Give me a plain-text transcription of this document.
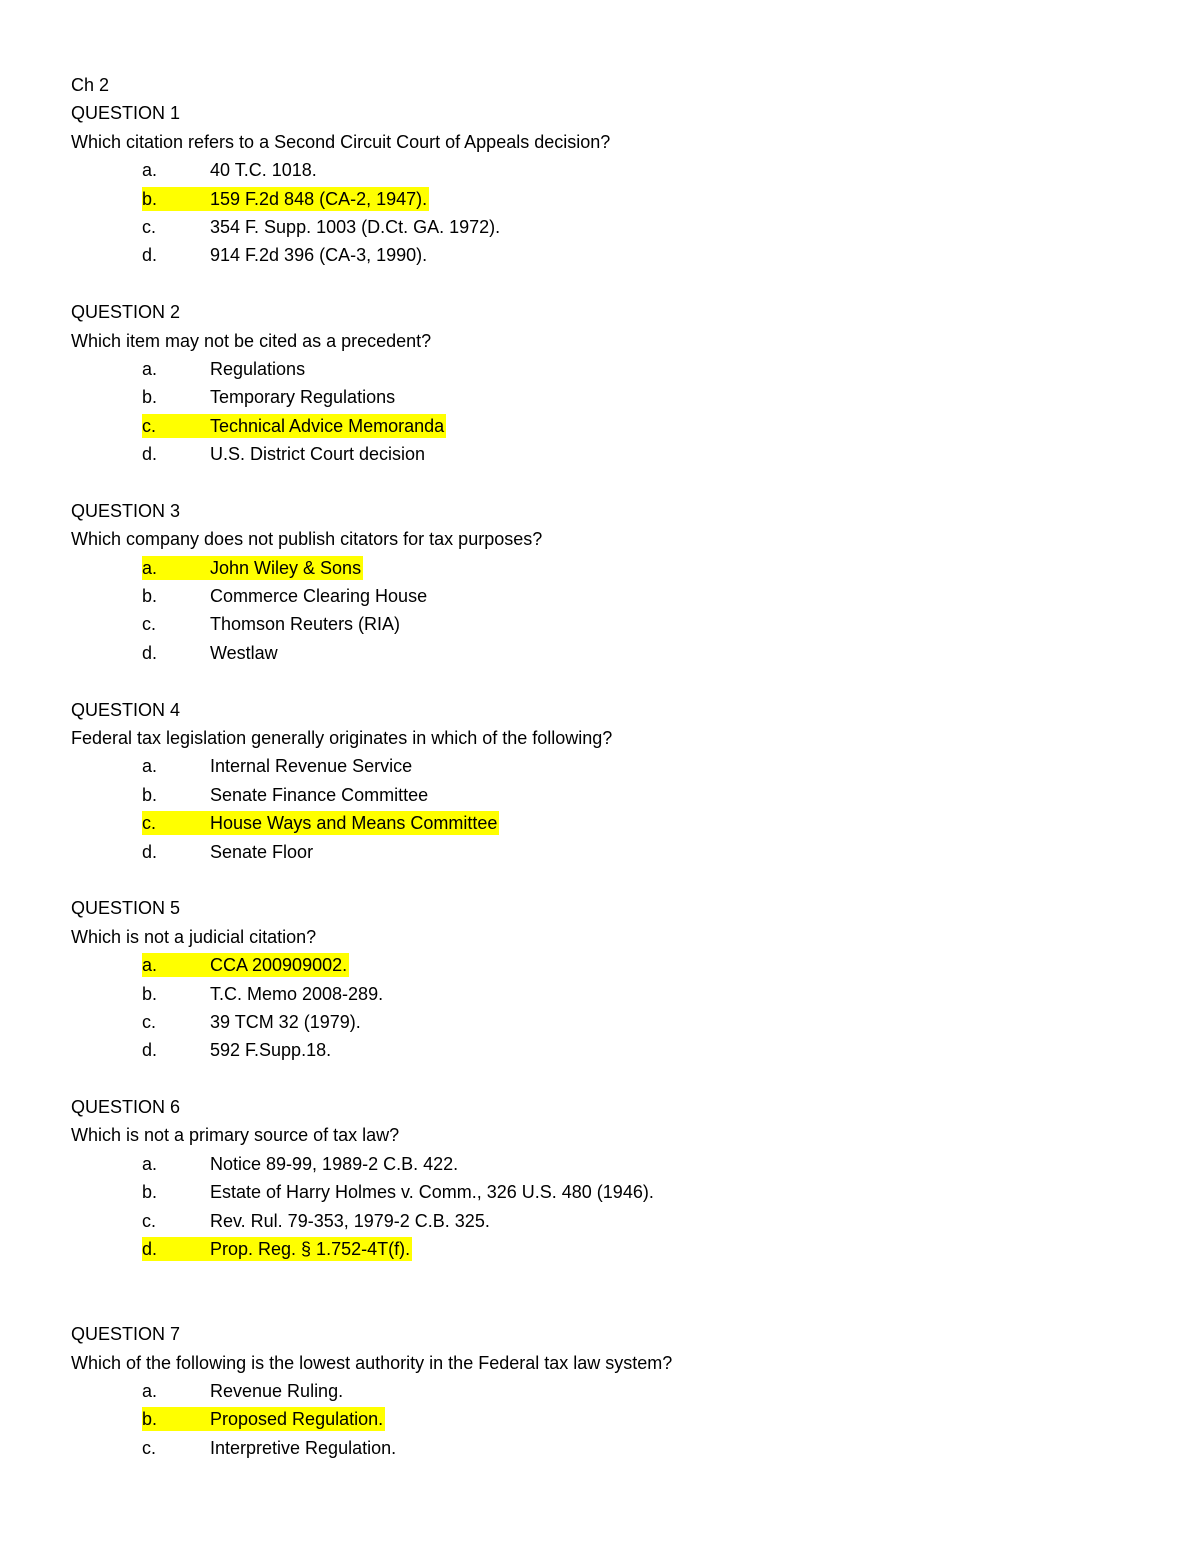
Ch 2
QUESTION 1
Which citation refers to a Second Circuit Court of Appeals decision?
a.	40 T.C. 1018.
b.	159 F.2d 848 (CA-2, 1947).
c.	354 F. Supp. 1003 (D.Ct. GA. 1972).
d.	914 F.2d 396 (CA-3, 1990).
QUESTION 2
Which item may not be cited as a precedent?
a.	Regulations
b.	Temporary Regulations
c.	Technical Advice Memoranda
d.	U.S. District Court decision
QUESTION 3
Which company does not publish citators for tax purposes?
a.	John Wiley & Sons
b.	Commerce Clearing House
c.	Thomson Reuters (RIA)
d.	Westlaw
QUESTION 4
Federal tax legislation generally originates in which of the following?
a.	Internal Revenue Service
b.	Senate Finance Committee
c.	House Ways and Means Committee
d.	Senate Floor
QUESTION 5
Which is not a judicial citation?
a.	CCA 200909002.
b.	T.C. Memo 2008-289.
c.	39 TCM 32 (1979).
d.	592 F.Supp.18.
QUESTION 6
Which is not a primary source of tax law?
a.	Notice 89-99, 1989-2 C.B. 422.
b.	Estate of Harry Holmes v. Comm., 326 U.S. 480 (1946).
c.	Rev. Rul. 79-353, 1979-2 C.B. 325.
d.	Prop. Reg. § 1.752-4T(f).
QUESTION 7
Which of the following is the lowest authority in the Federal tax law system?
a.	Revenue Ruling.
b.	Proposed Regulation.
c.	Interpretive Regulation.
